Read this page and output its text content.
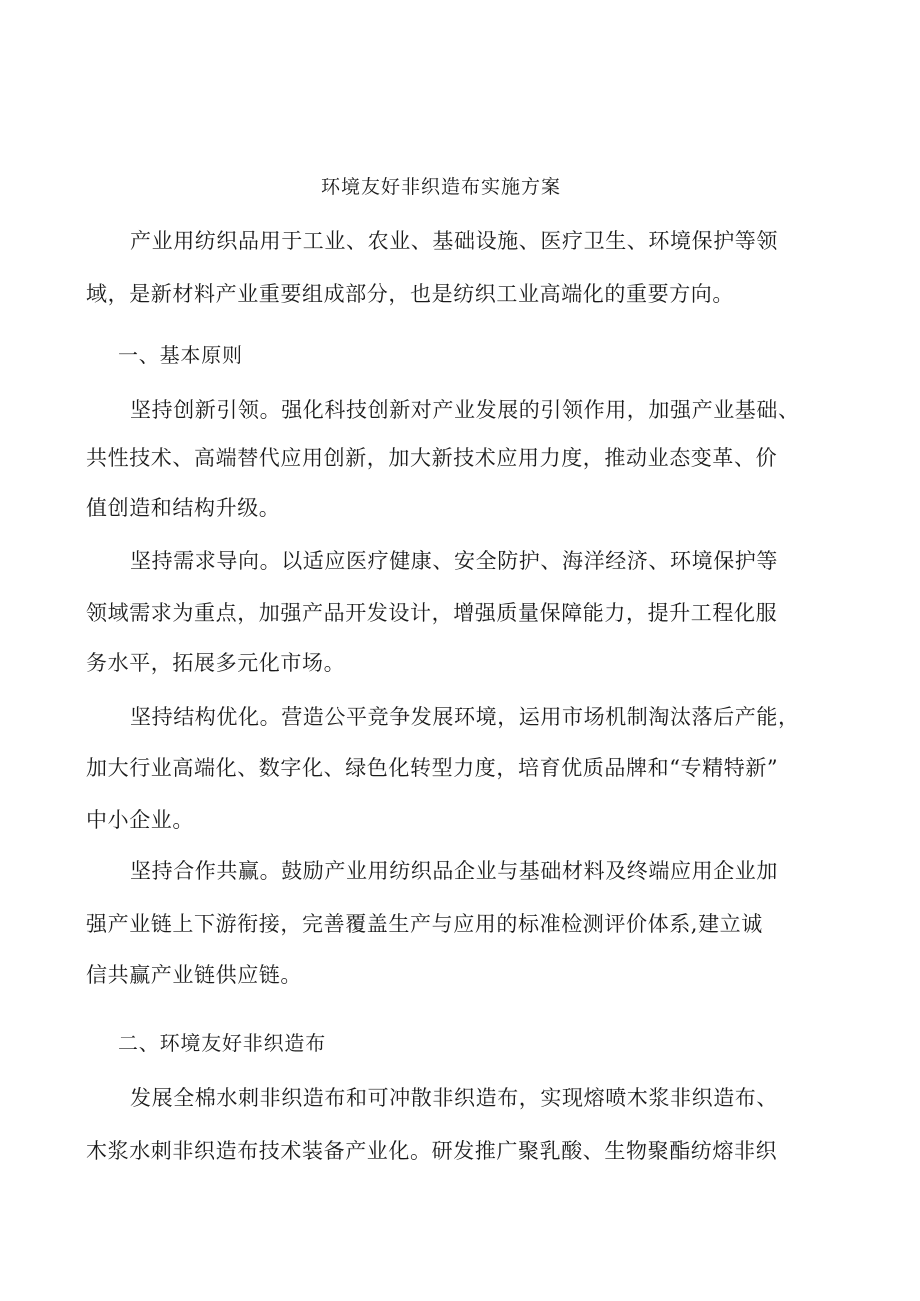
环境友好非织造布实施方案
产业用纺织品用于工业、农业、基础设施、医疗卫生、环境保护等领
域，是新材料产业重要组成部分，也是纺织工业高端化的重要方向。
一、基本原则
坚持创新引领。强化科技创新对产业发展的引领作用，加强产业基础、
共性技术、高端替代应用创新，加大新技术应用力度，推动业态变革、价
值创造和结构升级。
坚持需求导向。以适应医疗健康、安全防护、海洋经济、环境保护等
领域需求为重点，加强产品开发设计，增强质量保障能力，提升工程化服
务水平，拓展多元化市场。
坚持结构优化。营造公平竞争发展环境，运用市场机制淘汰落后产能，
加大行业高端化、数字化、绿色化转型力度，培育优质品牌和“专精特新”
中小企业。
坚持合作共赢。鼓励产业用纺织品企业与基础材料及终端应用企业加
强产业链上下游衔接，完善覆盖生产与应用的标准检测评价体系,建立诚
信共赢产业链供应链。
二、环境友好非织造布
发展全棉水刺非织造布和可冲散非织造布，实现熔喷木浆非织造布、
木浆水刺非织造布技术装备产业化。研发推广聚乳酸、生物聚酯纺熔非织
